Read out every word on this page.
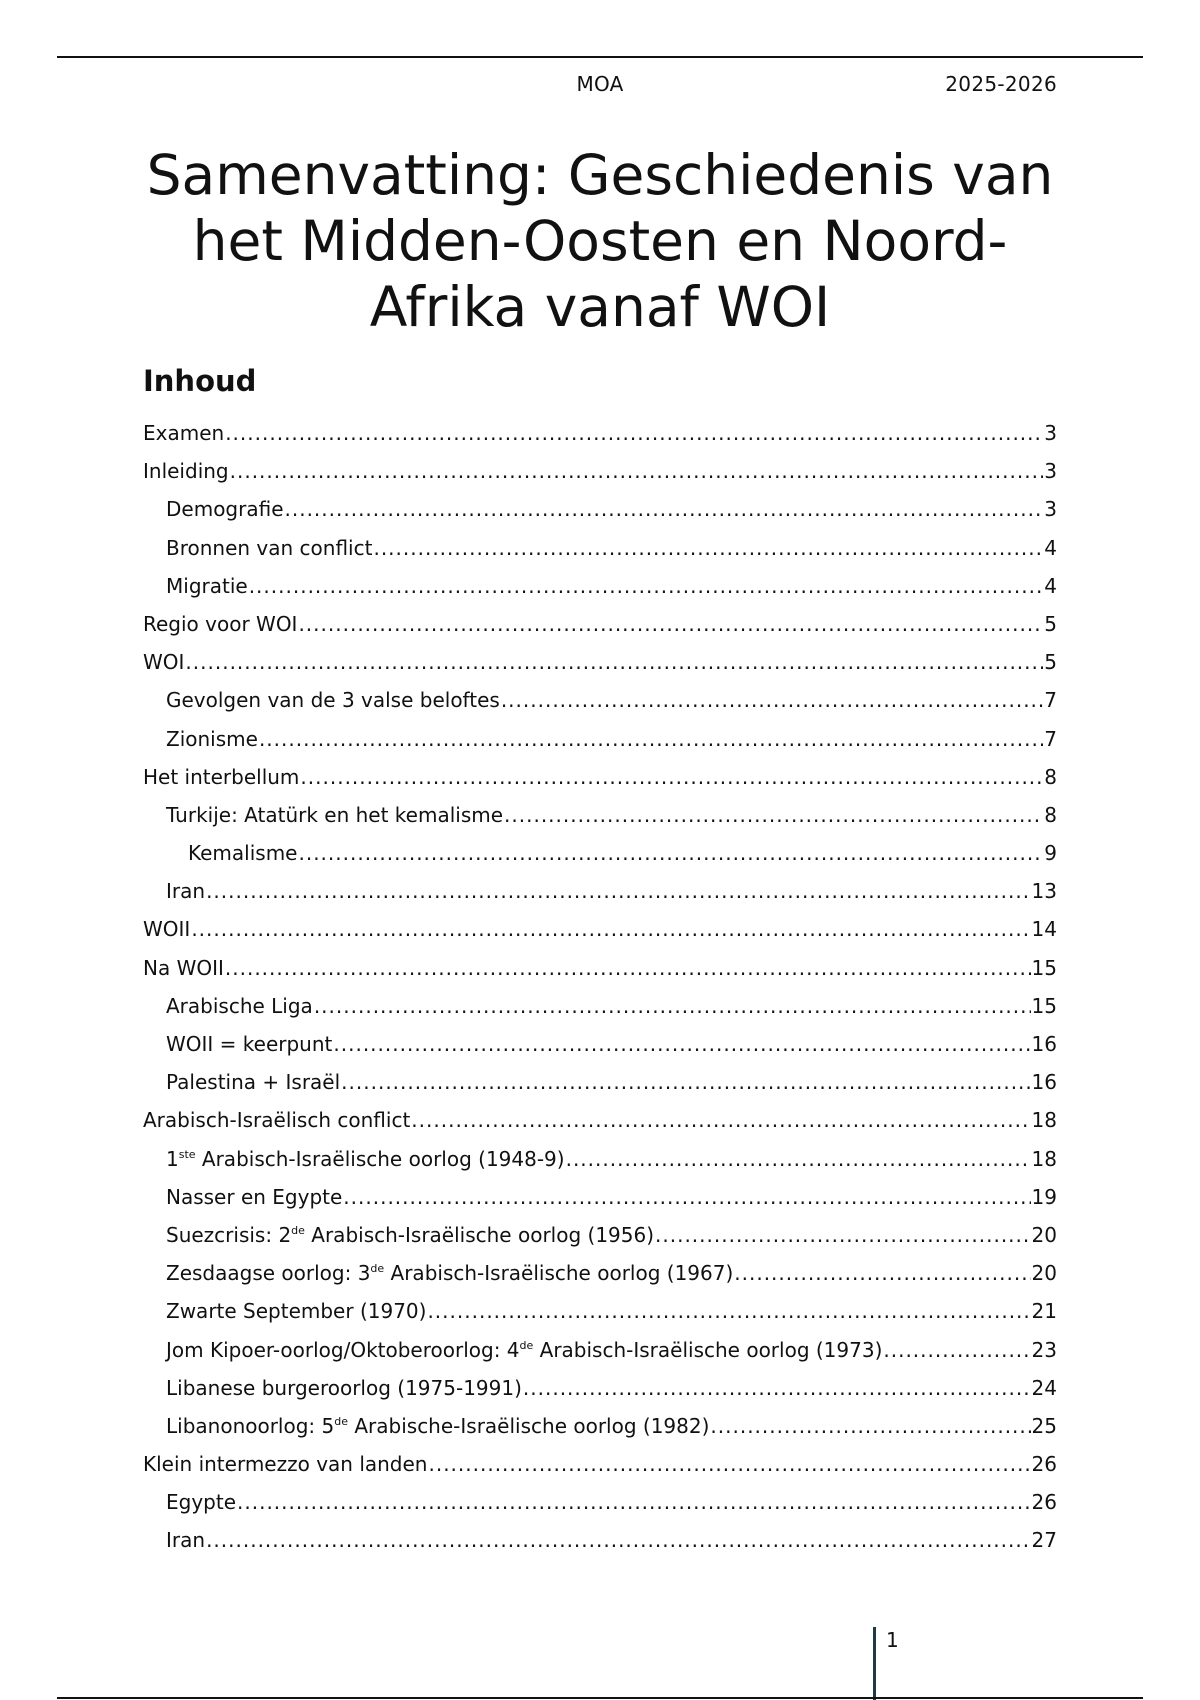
MOA	2025-2026
Samenvatting: Geschiedenis van het Midden-Oosten en Noord-Afrika vanaf WOI
Inhoud
Examen .....	3
Inleiding .....	3
Demografie .....	3
Bronnen van conflict .....	4
Migratie .....	4
Regio voor WOI .....	5
WOI .....	5
Gevolgen van de 3 valse beloftes .....	7
Zionisme .....	7
Het interbellum .....	8
Turkije: Atatürk en het kemalisme .....	8
Kemalisme .....	9
Iran .....	13
WOII .....	14
Na WOII .....	15
Arabische Liga .....	15
WOII = keerpunt .....	16
Palestina + Israël .....	16
Arabisch-Israëlisch conflict .....	18
1ste Arabisch-Israëlische oorlog (1948-9) .....	18
Nasser en Egypte .....	19
Suezcrisis: 2de Arabisch-Israëlische oorlog (1956) .....	20
Zesdaagse oorlog: 3de Arabisch-Israëlische oorlog (1967) .....	20
Zwarte September (1970) .....	21
Jom Kipoer-oorlog/Oktoberoorlog: 4de Arabisch-Israëlische oorlog (1973) .....	23
Libanese burgeroorlog (1975-1991) .....	24
Libanonoorlog: 5de Arabische-Israëlische oorlog (1982) .....	25
Klein intermezzo van landen .....	26
Egypte .....	26
Iran .....	27
1
